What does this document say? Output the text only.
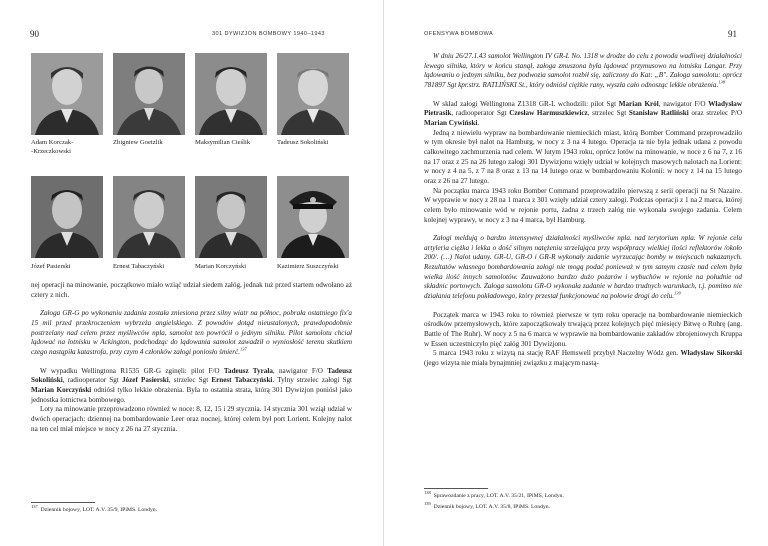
90	301 DYWIZJON BOMBOWY 1940–1943
Adam Korczak-
-Krzeczkowski
Zbigniew Goetzlik	Maksymilian Cieślik	Tadeusz Sokoliński
Józef Pasierski	Ernest Tabaczyński	Marian Korczyński	Kazimierz Suszczyński

nej operacji na minowanie, początkowo miało wziąć udział siedem załóg, jednak tuż przed startem odwołano aż cztery z nich.

Załoga GR-G po wykonaniu zadania została zniesiona przez silny wiatr na północ, pobrała ostatniego fix'a 15 mil przed przekroczeniem wybrzeża angielskiego. Z powodów dotąd nieustalonych, prawdopodobnie postrzelany nad celem przez myśliwców npla, samolot ten powrócił o jednym silniku. Pilot samolotu chciał lądować na lotnisku w Ackington, podchodząc do lądowania samolot zawadził o wyniosłość terenu skutkiem czego nastąpiła katastrofa, przy czym 4 członków załogi poniosło śmierć.$^{137}$

W wypadku Wellingtona R1535 GR-G zginęli: pilot F/O Tadeusz Tyrała, nawigator F/O Tadeusz Sokoliński, radiooperator Sgt Józef Pasierski, strzelec Sgt Ernest Tabaczyński. Tylny strzelec załogi Sgt Marian Korczyński odniósł tylko lekkie obrażenia. Była to ostatnia strata, którą 301 Dywizjon poniósł jako jednostka lotnictwa bombowego.

Loty na minowanie przeprowadzono również w noce: 8, 12, 15 i 29 stycznia. 14 stycznia 301 wziął udział w dwóch operacjach: dziennej na bombardowanie Leer oraz nocnej, której celem był port Lorient. Kolejny nalot na ten cel miał miejsce w nocy z 26 na 27 stycznia.

$^{137}$  Dziennik bojowy, LOT. A.V. 35/9, IPiMS. Londyn.
OFENSYWA BOMBOWA	91

W dniu 26/27.1.43 samolot Wellington IV GR-L No. 1318 w drodze do celu z powodu wadliwej działalności lewego silnika, który w końcu stanął, załoga zmuszona była lądować przymusowo na lotnisku Langar. Przy lądowaniu o jednym silniku, bez podwozia samolot rozbił się, zaliczony do Kat: „B". Załoga samolotu: oprócz 781897 Sgt kpr.strz. RATLIŃSKI St., który odniósł ciężkie rany, wyszła cało odnosząc lekkie obrażenia.$^{138}$

W skład załogi Wellingtona Z1318 GR-L wchodzili: pilot Sgt Marian Król, nawigator F/O Władysław Pietrasik, radiooperator Sgt Czesław Harmuszkiewicz, strzelec Sgt Stanisław Ratliński oraz strzelec P/O Marian Cywiński.

Jedną z niewielu wypraw na bombardowanie niemieckich miast, którą Bomber Command przeprowadziło w tym okresie był nalot na Hamburg, w nocy z 3 na 4 lutego. Operacja ta nie była jednak udana z powodu całkowitego zachmurzenia nad celem. W lutym 1943 roku, oprócz lotów na minowanie, w noce z 6 na 7, z 16 na 17 oraz z 25 na 26 lutego załogi 301 Dywizjonu wzięły udział w kolejnych masowych nalotach na Lorient: w nocy z 4 na 5, z 7 na 8 oraz z 13 na 14 lutego oraz w bombardowaniu Kolonii: w nocy z 14 na 15 lutego oraz z 26 na 27 lutego.

Na początku marca 1943 roku Bomber Command przeprowadziło pierwszą z serii operacji na St Nazaire. W wyprawie w nocy z 28 na 1 marca z 301 wzięły udział cztery załogi. Podczas operacji z 1 na 2 marca, której celem było minowanie wód w rejonie portu, żadna z trzech załóg nie wykonała swojego zadania. Celem kolejnej wyprawy, w nocy z 3 na 4 marca, był Hamburg.

Załogi meldują o bardzo intensywnej działalności myśliwców npla. nad terytorium npla. W rejonie celu artyleria ciężka i lekka o dość silnym natężeniu strzelająca przy współpracy wielkiej ilości reflektorów /około 200/. (…) Nalot udany. GR-U, GR-O i GR-R wykonały zadanie wyrzucając bomby w miejscach nakazanych. Rezultatów własnego bombardowania załogi nie mogą podać ponieważ w tym samym czasie nad celem była wielka ilość innych samolotów. Zauważono bardzo dużo pożarów i wybuchów w rejonie na południe od składnic portowych. Załoga samolotu GR-O wykonała zadanie w bardzo trudnych warunkach, t.j. pomimo nie działania telefonu pokładowego, który przestał funkcjonować na połowie drogi do celu.$^{139}$

Początek marca w 1943 roku to również pierwsze w tym roku operacje na bombardowanie niemieckich ośrodków przemysłowych, które zapoczątkowały trwającą przez kolejnych pięć miesięcy Bitwę o Ruhrę (ang. Battle of The Ruhr). W nocy z 5 na 6 marca w wyprawie na bombardowanie zakładów zbrojeniowych Kruppa w Essen uczestniczyło pięć załóg 301 Dywizjonu.

5 marca 1943 roku z wizytą na stację RAF Hemswell przybył Naczelny Wódz gen. Władysław Sikorski (jego wizyta nie miała bynajmniej związku z mającym nastą-

$^{138}$  Sprawozdanie z pracy, LOT. A.V. 35/21, IPiMS, Londyn.
$^{139}$  Dziennik bojowy, LOT. A.V. 35/8, IPiMS. Londyn.
